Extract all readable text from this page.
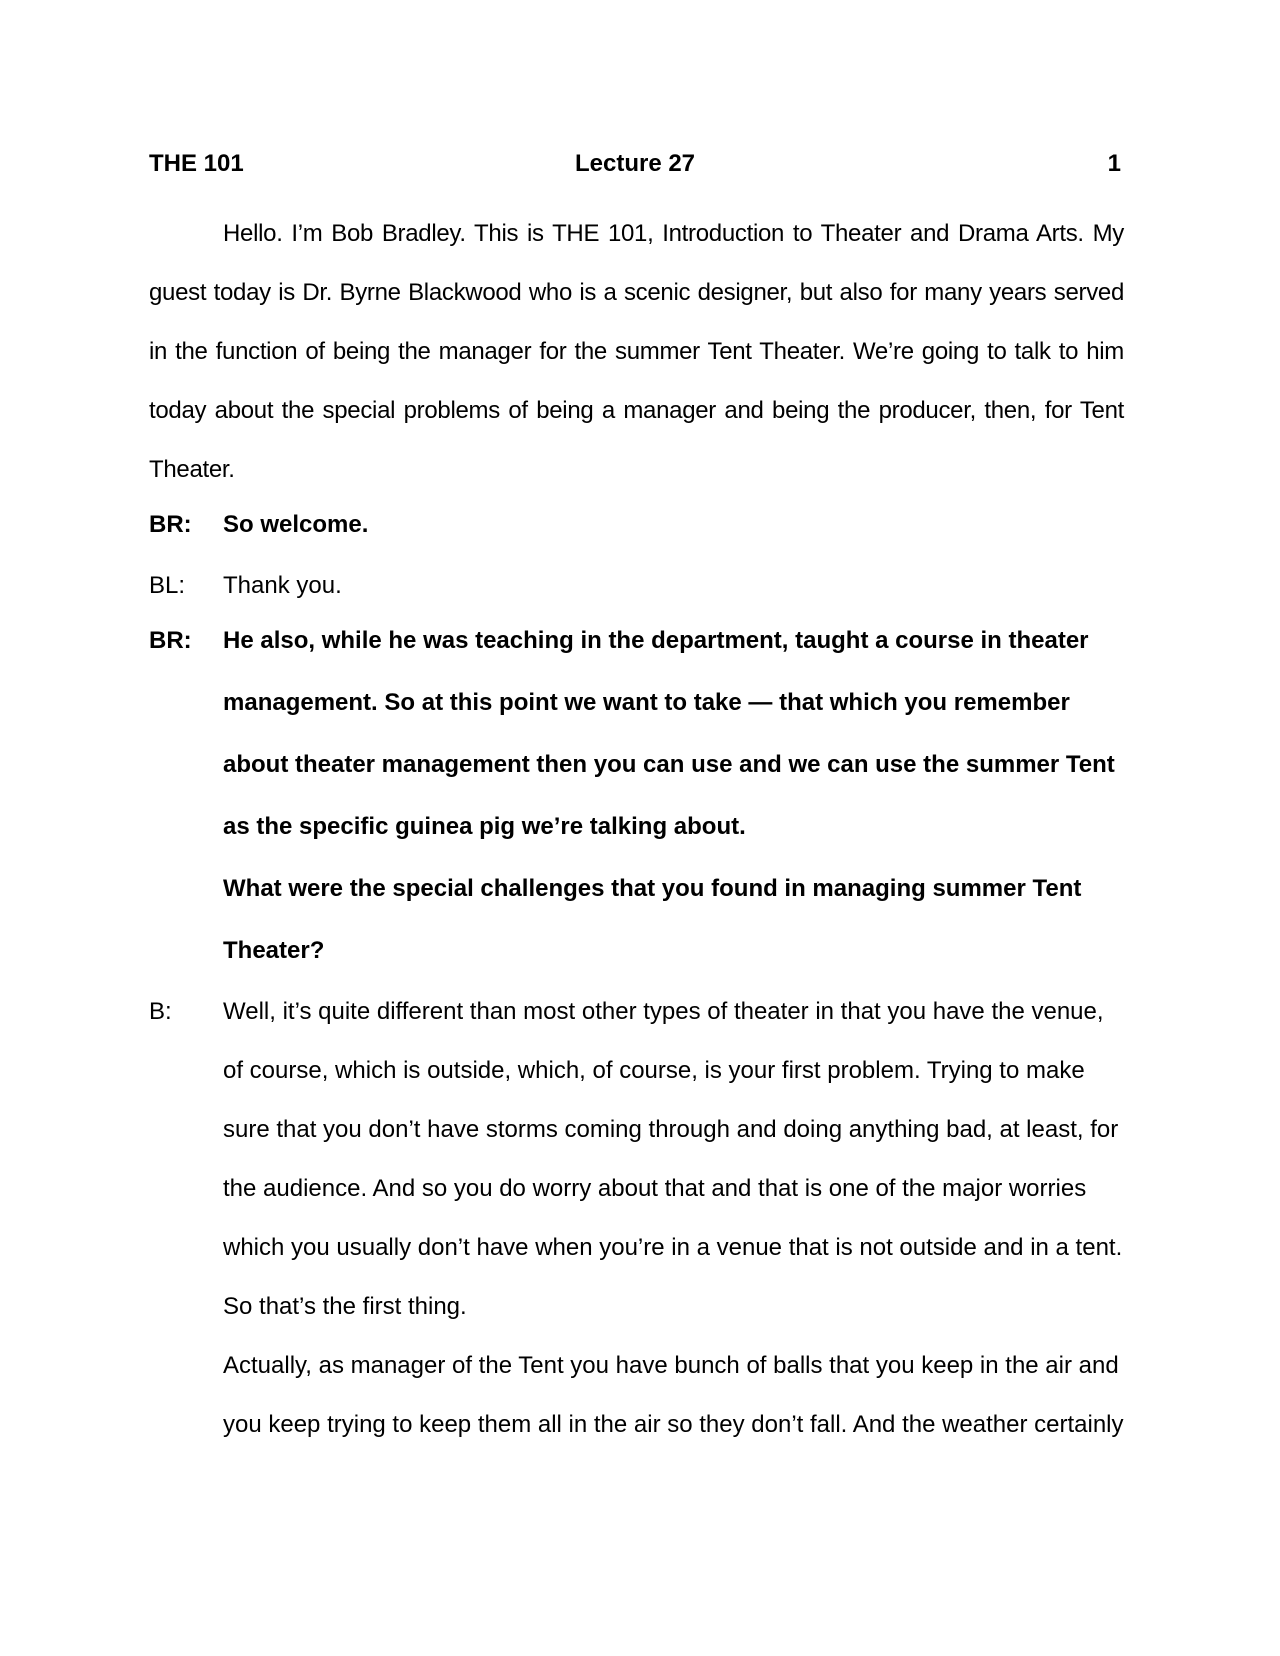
THE 101	Lecture 27	1

Hello. I’m Bob Bradley. This is THE 101, Introduction to Theater and Drama Arts. My guest today is Dr. Byrne Blackwood who is a scenic designer, but also for many years served in the function of being the manager for the summer Tent Theater. We’re going to talk to him today about the special problems of being a manager and being the producer, then, for Tent Theater.

BR:	So welcome.

BL:	Thank you.

BR:	He also, while he was teaching in the department, taught a course in theater management. So at this point we want to take — that which you remember about theater management then you can use and we can use the summer Tent as the specific guinea pig we’re talking about.

What were the special challenges that you found in managing summer Tent Theater?

B:	Well, it’s quite different than most other types of theater in that you have the venue, of course, which is outside, which, of course, is your first problem. Trying to make sure that you don’t have storms coming through and doing anything bad, at least, for the audience. And so you do worry about that and that is one of the major worries which you usually don’t have when you’re in a venue that is not outside and in a tent. So that’s the first thing.

Actually, as manager of the Tent you have bunch of balls that you keep in the air and you keep trying to keep them all in the air so they don’t fall. And the weather certainly
